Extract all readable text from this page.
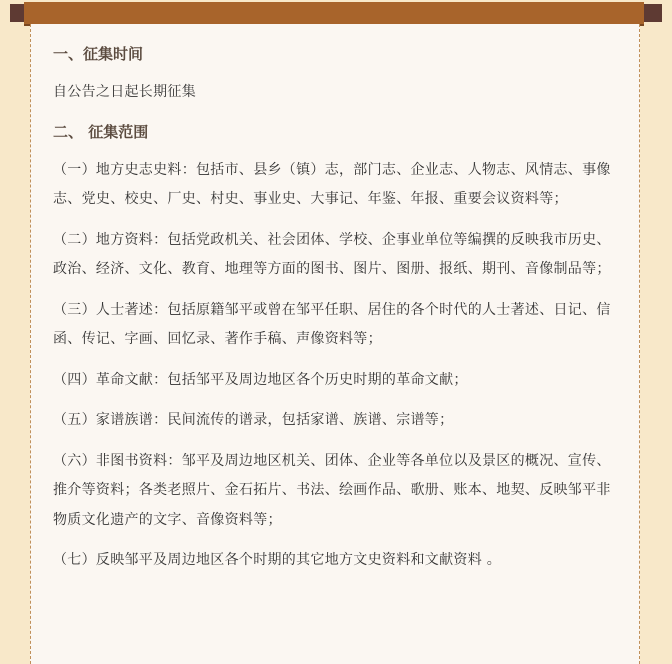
一、征集时间

自公告之日起长期征集

二、 征集范围

（一）地方史志史料：包括市、县乡（镇）志，部门志、企业志、人物志、风情志、事像志、党史、校史、厂史、村史、事业史、大事记、年鉴、年报、重要会议资料等；

（二）地方资料：包括党政机关、社会团体、学校、企事业单位等编撰的反映我市历史、政治、经济、文化、教育、地理等方面的图书、图片、图册、报纸、期刊、音像制品等；

（三）人士著述：包括原籍邹平或曾在邹平任职、居住的各个时代的人士著述、日记、信函、传记、字画、回忆录、著作手稿、声像资料等；

（四）革命文献：包括邹平及周边地区各个历史时期的革命文献；

（五）家谱族谱：民间流传的谱录，包括家谱、族谱、宗谱等；

（六）非图书资料：邹平及周边地区机关、团体、企业等各单位以及景区的概况、宣传、推介等资料；各类老照片、金石拓片、书法、绘画作品、歌册、账本、地契、反映邹平非物质文化遗产的文字、音像资料等；

（七）反映邹平及周边地区各个时期的其它地方文史资料和文献资料 。
